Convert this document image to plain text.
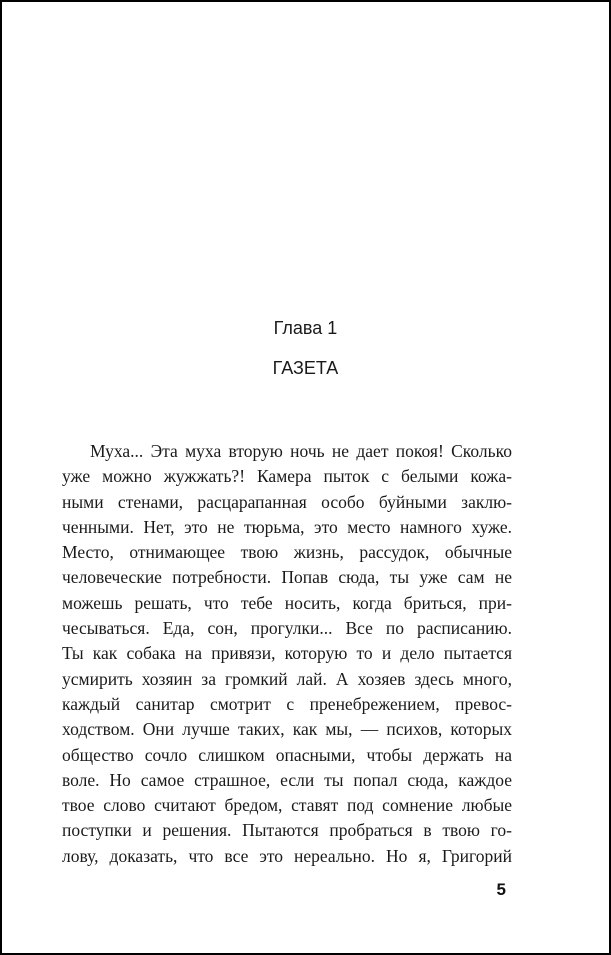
Глава 1
ГАЗЕТА
Муха... Эта муха вторую ночь не дает покоя! Сколько
уже можно жужжать?! Камера пыток с белыми кожа-
ными стенами, расцарапанная особо буйными заклю-
ченными. Нет, это не тюрьма, это место намного хуже.
Место, отнимающее твою жизнь, рассудок, обычные
человеческие потребности. Попав сюда, ты уже сам не
можешь решать, что тебе носить, когда бриться, при-
чесываться. Еда, сон, прогулки... Все по расписанию.
Ты как собака на привязи, которую то и дело пытается
усмирить хозяин за громкий лай. А хозяев здесь много,
каждый санитар смотрит с пренебрежением, превос-
ходством. Они лучше таких, как мы, — психов, которых
общество сочло слишком опасными, чтобы держать на
воле. Но самое страшное, если ты попал сюда, каждое
твое слово считают бредом, ставят под сомнение любые
поступки и решения. Пытаются пробраться в твою го-
лову, доказать, что все это нереально. Но я, Григорий
5
